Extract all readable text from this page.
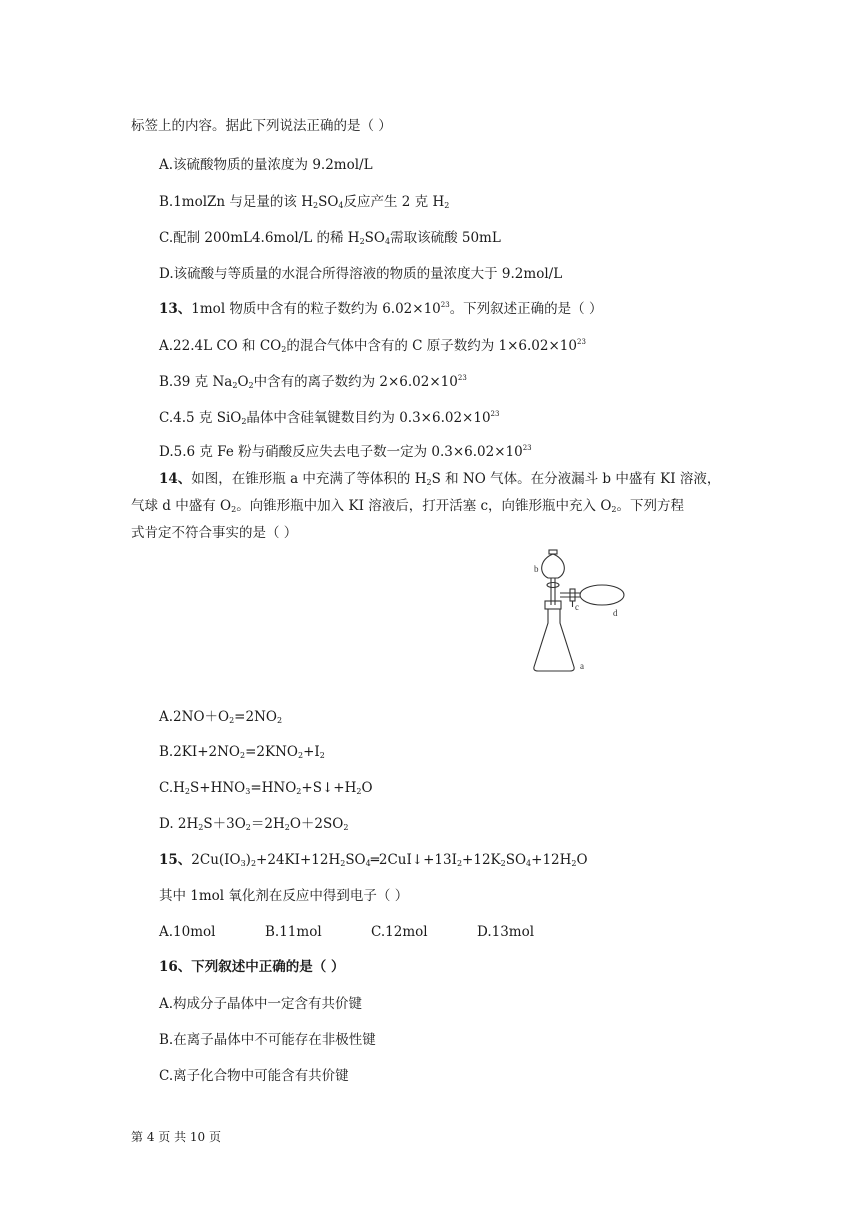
标签上的内容。据此下列说法正确的是（ ）
A.该硫酸物质的量浓度为 9.2mol/L
B.1molZn 与足量的该 $H_2SO_4$反应产生 2 克 $H_2$
C.配制 200mL4.6mol/L 的稀 $H_2SO_4$需取该硫酸 50mL
D.该硫酸与等质量的水混合所得溶液的物质的量浓度大于 9.2mol/L
13、1mol 物质中含有的粒子数约为 $6.02\times 10^{23}$。下列叙述正确的是（ ）
A.22.4L CO 和 $CO_2$的混合气体中含有的 C 原子数约为 $1\times 6.02\times 10^{23}$
B.39 克 $Na_2O_2$中含有的离子数约为 $2\times 6.02\times 10^{23}$
C.4.5 克 SiO$_2$晶体中含硅氧键数目约为 $0.3\times 6.02\times 10^{23}$
D.5.6 克 Fe 粉与硝酸反应失去电子数一定为 $0.3\times 6.02\times 10^{23}$
14、如图，在锥形瓶 a 中充满了等体积的 $H_2S$ 和 NO 气体。在分液漏斗 b 中盛有 KI 溶液，
气球 d 中盛有 $O_2$。向锥形瓶中加入 KI 溶液后，打开活塞 c，向锥形瓶中充入 $O_2$。下列方程
式肯定不符合事实的是（ ）
b
c
d
a
$A.2NO+O_2=2NO_2$
$B.2KI+2NO_2=2KNO_2+I_2$
$C.H_2S+HNO_3=HNO_2+S↓+H_2O$
D. $2H_2S+3O_2=2H_2O+2SO_2$
15、$2Cu(IO_3)_2+24KI+12H_2SO_4═2CuI↓+13I_2+12K_2SO_4+12H_2O$
其中 1mol 氧化剂在反应中得到电子（ ）
A.10mol	B.11mol	C.12mol	D.13mol
16、下列叙述中正确的是（ ）
A.构成分子晶体中一定含有共价键
B.在离子晶体中不可能存在非极性键
C.离子化合物中可能含有共价键
第 4 页 共 10 页
